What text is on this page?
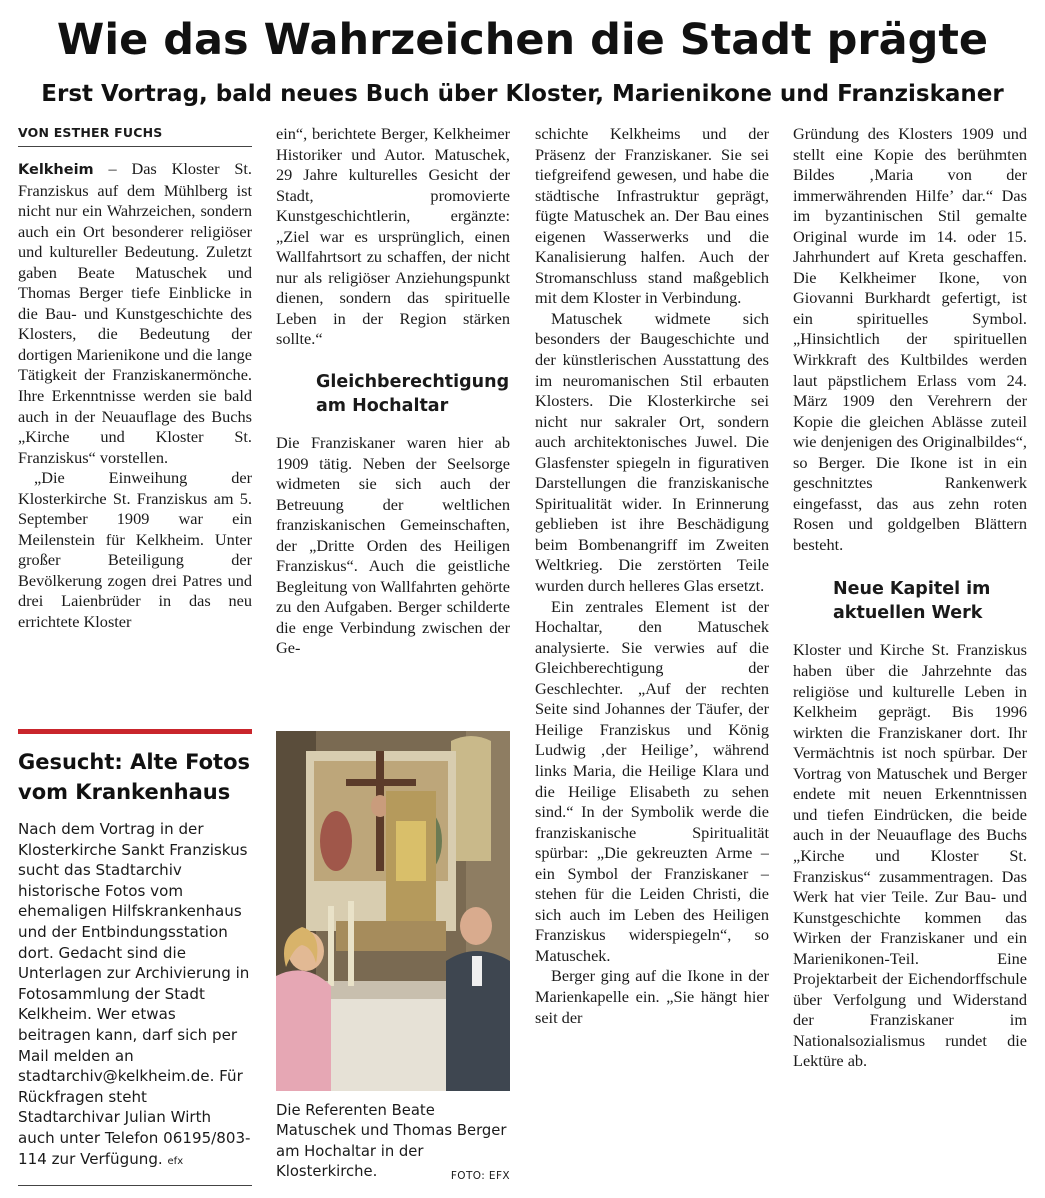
Wie das Wahrzeichen die Stadt prägte
Erst Vortrag, bald neues Buch über Kloster, Marienikone und Franziskaner
VON ESTHER FUCHS

Kelkheim – Das Kloster St. Franziskus auf dem Mühlberg ist nicht nur ein Wahrzeichen, sondern auch ein Ort besonderer religiöser und kultureller Bedeutung. Zuletzt gaben Beate Matuschek und Thomas Berger tiefe Einblicke in die Bau- und Kunstgeschichte des Klosters, die Bedeutung der dortigen Marienikone und die lange Tätigkeit der Franziskanermönche. Ihre Erkenntnisse werden sie bald auch in der Neuauflage des Buchs „Kirche und Kloster St. Franziskus“ vorstellen.

„Die Einweihung der Klosterkirche St. Franziskus am 5. September 1909 war ein Meilenstein für Kelkheim. Unter großer Beteiligung der Bevölkerung zogen drei Patres und drei Laienbrüder in das neu errichtete Kloster

Gesucht: Alte Fotos vom Krankenhaus

Nach dem Vortrag in der Klosterkirche Sankt Franziskus sucht das Stadtarchiv historische Fotos vom ehemaligen Hilfskrankenhaus und der Entbindungsstation dort. Gedacht sind die Unterlagen zur Archivierung in Fotosammlung der Stadt Kelkheim. Wer etwas beitragen kann, darf sich per Mail melden an stadtarchiv@kelkheim.de. Für Rückfragen steht Stadtarchivar Julian Wirth auch unter Telefon 06195/803-114 zur Verfügung. efx

ein“, berichtete Berger, Kelkheimer Historiker und Autor. Matuschek, 29 Jahre kulturelles Gesicht der Stadt, promovierte Kunstgeschichtlerin, ergänzte: „Ziel war es ursprünglich, einen Wallfahrtsort zu schaffen, der nicht nur als religiöser Anziehungspunkt dienen, sondern das spirituelle Leben in der Region stärken sollte.“

Gleichberechtigung am Hochaltar

Die Franziskaner waren hier ab 1909 tätig. Neben der Seelsorge widmeten sie sich auch der Betreuung der weltlichen franziskanischen Gemeinschaften, der „Dritte Orden des Heiligen Franziskus“. Auch die geistliche Begleitung von Wallfahrten gehörte zu den Aufgaben. Berger schilderte die enge Verbindung zwischen der Ge-

Die Referenten Beate Matuschek und Thomas Berger am Hochaltar in der Klosterkirche.	FOTO: EFX

schichte Kelkheims und der Präsenz der Franziskaner. Sie sei tiefgreifend gewesen, und habe die städtische Infrastruktur geprägt, fügte Matuschek an. Der Bau eines eigenen Wasserwerks und die Kanalisierung halfen. Auch der Stromanschluss stand maßgeblich mit dem Kloster in Verbindung.

Matuschek widmete sich besonders der Baugeschichte und der künstlerischen Ausstattung des im neuromanischen Stil erbauten Klosters. Die Klosterkirche sei nicht nur sakraler Ort, sondern auch architektonisches Juwel. Die Glasfenster spiegeln in figurativen Darstellungen die franziskanische Spiritualität wider. In Erinnerung geblieben ist ihre Beschädigung beim Bombenangriff im Zweiten Weltkrieg. Die zerstörten Teile wurden durch helleres Glas ersetzt.

Ein zentrales Element ist der Hochaltar, den Matuschek analysierte. Sie verwies auf die Gleichberechtigung der Geschlechter. „Auf der rechten Seite sind Johannes der Täufer, der Heilige Franziskus und König Ludwig ‚der Heilige’, während links Maria, die Heilige Klara und die Heilige Elisabeth zu sehen sind.“ In der Symbolik werde die franziskanische Spiritualität spürbar: „Die gekreuzten Arme – ein Symbol der Franziskaner – stehen für die Leiden Christi, die sich auch im Leben des Heiligen Franziskus widerspiegeln“, so Matuschek.

Berger ging auf die Ikone in der Marienkapelle ein. „Sie hängt hier seit der

Gründung des Klosters 1909 und stellt eine Kopie des berühmten Bildes ‚Maria von der immerwährenden Hilfe’ dar.“ Das im byzantinischen Stil gemalte Original wurde im 14. oder 15. Jahrhundert auf Kreta geschaffen. Die Kelkheimer Ikone, von Giovanni Burkhardt gefertigt, ist ein spirituelles Symbol. „Hinsichtlich der spirituellen Wirkkraft des Kultbildes werden laut päpstlichem Erlass vom 24. März 1909 den Verehrern der Kopie die gleichen Ablässe zuteil wie denjenigen des Originalbildes“, so Berger. Die Ikone ist in ein geschnitztes Rankenwerk eingefasst, das aus zehn roten Rosen und goldgelben Blättern besteht.

Neue Kapitel im aktuellen Werk

Kloster und Kirche St. Franziskus haben über die Jahrzehnte das religiöse und kulturelle Leben in Kelkheim geprägt. Bis 1996 wirkten die Franziskaner dort. Ihr Vermächtnis ist noch spürbar. Der Vortrag von Matuschek und Berger endete mit neuen Erkenntnissen und tiefen Eindrücken, die beide auch in der Neuauflage des Buchs „Kirche und Kloster St. Franziskus“ zusammentragen. Das Werk hat vier Teile. Zur Bau- und Kunstgeschichte kommen das Wirken der Franziskaner und ein Marienikonen-Teil. Eine Projektarbeit der Eichendorffschule über Verfolgung und Widerstand der Franziskaner im Nationalsozialismus rundet die Lektüre ab.
